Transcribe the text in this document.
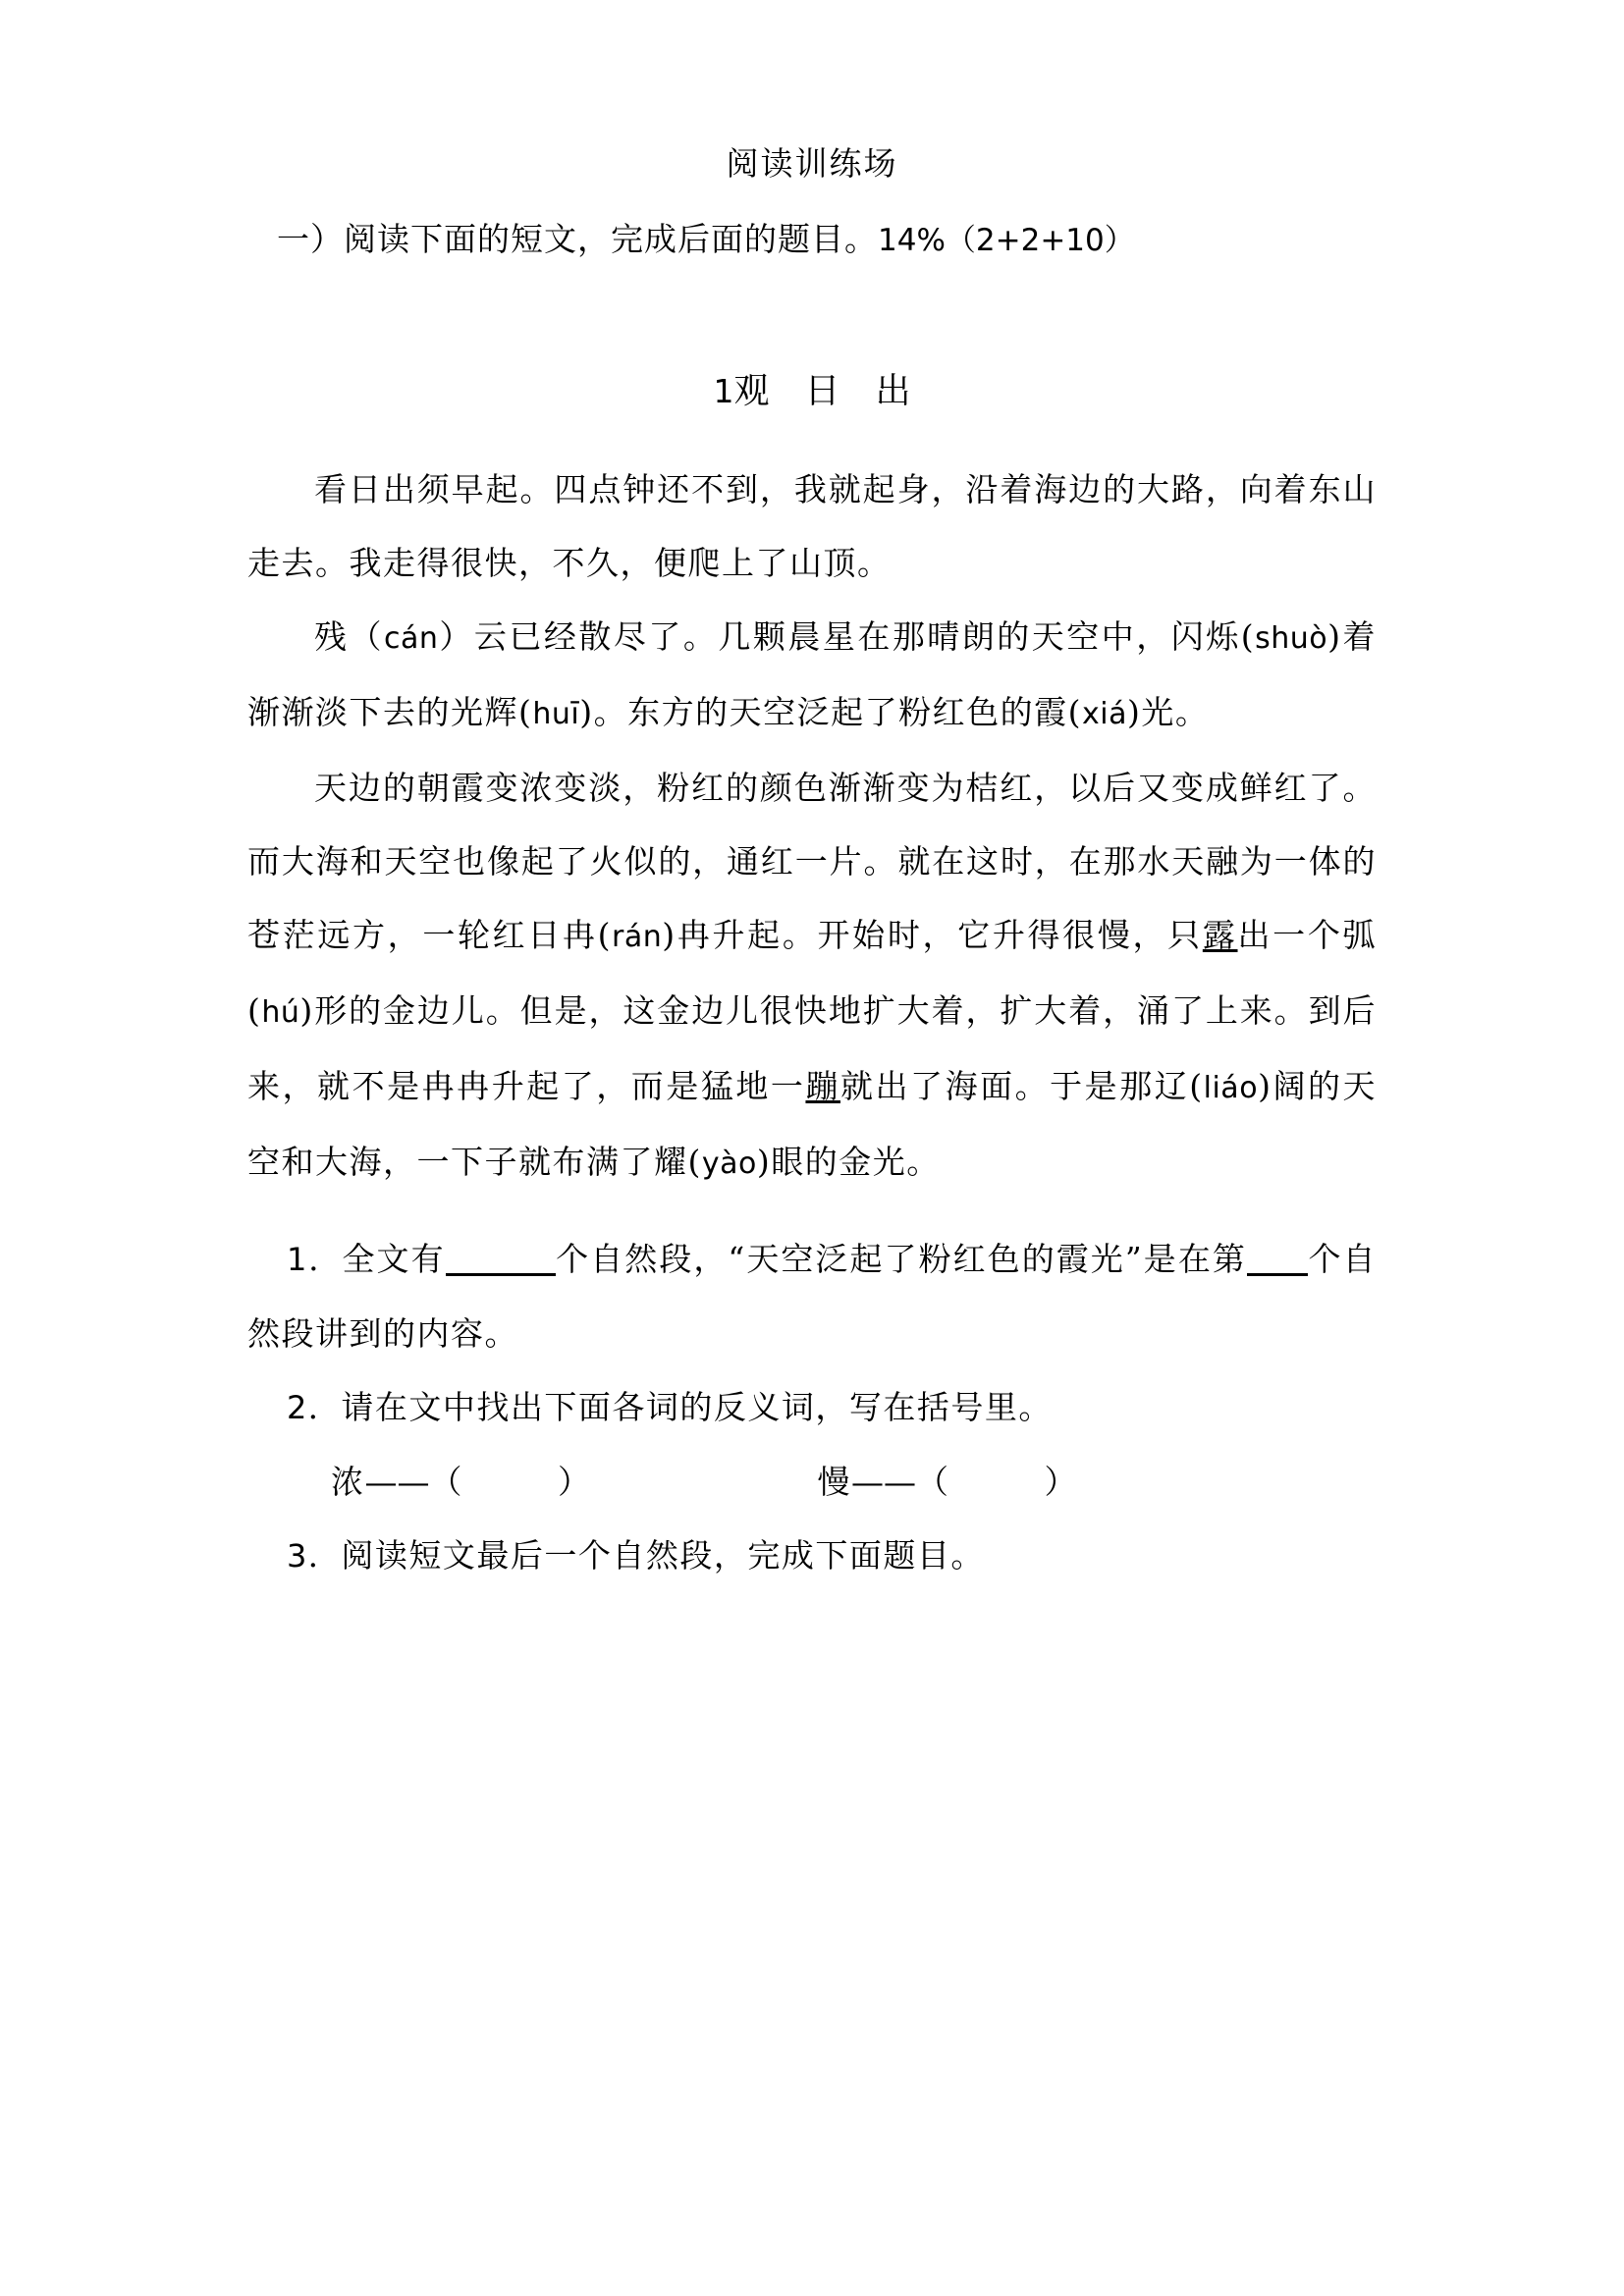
阅读训练场
一）阅读下面的短文，完成后面的题目。14%（2+2+10）
1观　日　出

看日出须早起。四点钟还不到，我就起身，沿着海边的大路，向着东山走去。我走得很快，不久，便爬上了山顶。

残（cán）云已经散尽了。几颗晨星在那晴朗的天空中，闪烁(shuò)着渐渐淡下去的光辉(huī)。东方的天空泛起了粉红色的霞(xiá)光。

天边的朝霞变浓变淡，粉红的颜色渐渐变为桔红，以后又变成鲜红了。而大海和天空也像起了火似的，通红一片。就在这时，在那水天融为一体的苍茫远方，一轮红日冉(rán)冉升起。开始时，它升得很慢，只露出一个弧(hú)形的金边儿。但是，这金边儿很快地扩大着，扩大着，涌了上来。到后来，就不是冉冉升起了，而是猛地一蹦就出了海面。于是那辽(liáo)阔的天空和大海，一下子就布满了耀(yào)眼的金光。

1．全文有	个自然段，“天空泛起了粉红色的霞光”是在第 个自然段讲到的内容。

2．请在文中找出下面各词的反义词，写在括号里。

浓——（	）	慢——（	）

3．阅读短文最后一个自然段，完成下面题目。
